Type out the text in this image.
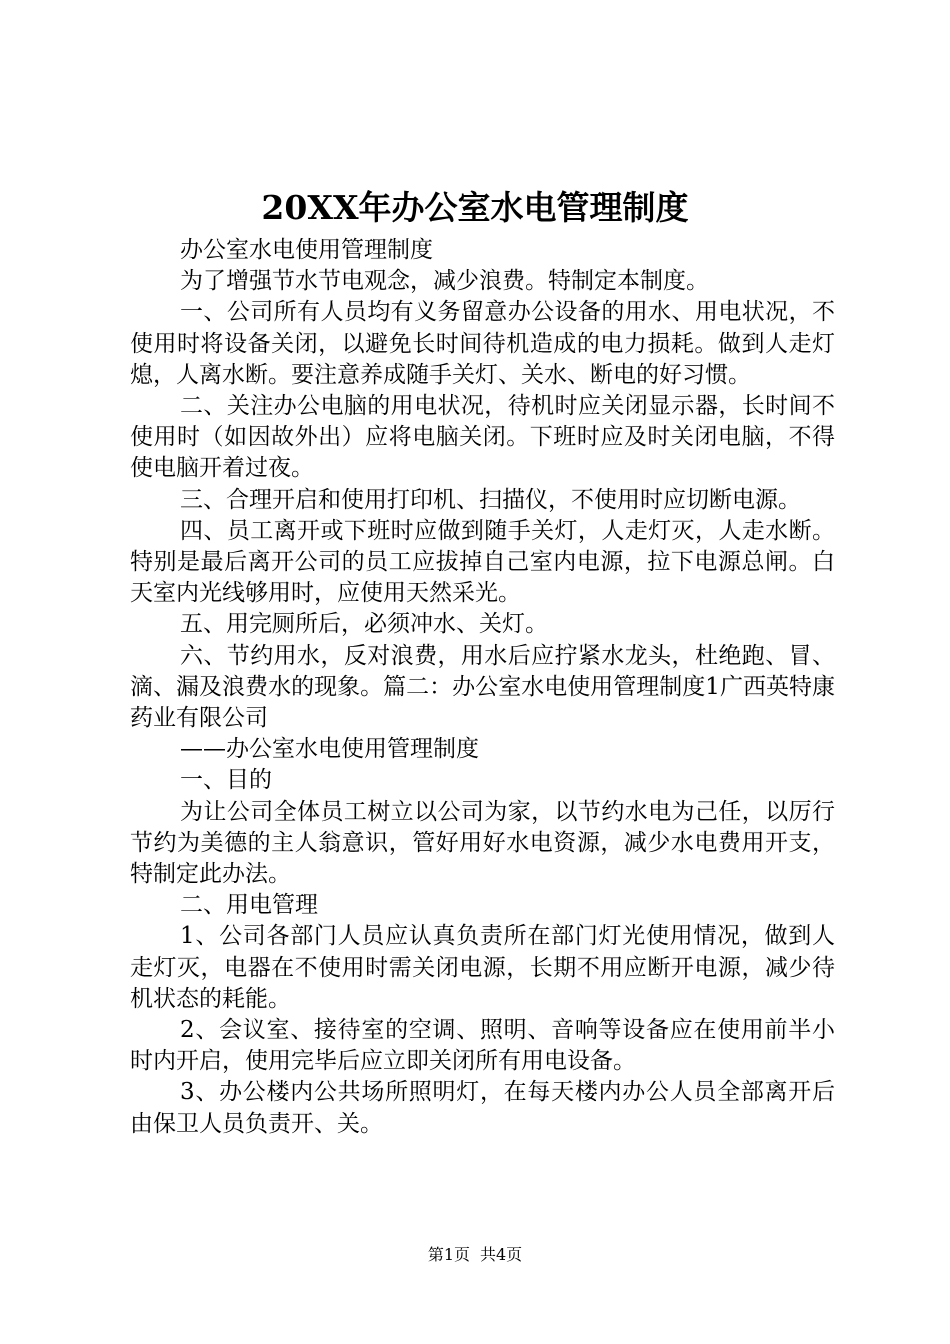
20XX年办公室水电管理制度

办公室水电使用管理制度

为了增强节水节电观念，减少浪费。特制定本制度。

一、公司所有人员均有义务留意办公设备的用水、用电状况，不使用时将设备关闭，以避免长时间待机造成的电力损耗。做到人走灯熄，人离水断。要注意养成随手关灯、关水、断电的好习惯。

二、关注办公电脑的用电状况，待机时应关闭显示器，长时间不使用时（如因故外出）应将电脑关闭。下班时应及时关闭电脑，不得使电脑开着过夜。

三、合理开启和使用打印机、扫描仪，不使用时应切断电源。

四、员工离开或下班时应做到随手关灯，人走灯灭，人走水断。特别是最后离开公司的员工应拔掉自己室内电源，拉下电源总闸。白天室内光线够用时，应使用天然采光。

五、用完厕所后，必须冲水、关灯。

六、节约用水，反对浪费，用水后应拧紧水龙头，杜绝跑、冒、滴、漏及浪费水的现象。篇二：办公室水电使用管理制度1广西英特康药业有限公司

——办公室水电使用管理制度

一、目的

为让公司全体员工树立以公司为家，以节约水电为己任，以厉行节约为美德的主人翁意识，管好用好水电资源，减少水电费用开支，特制定此办法。

二、用电管理

1、公司各部门人员应认真负责所在部门灯光使用情况，做到人走灯灭，电器在不使用时需关闭电源，长期不用应断开电源，减少待机状态的耗能。

2、会议室、接待室的空调、照明、音响等设备应在使用前半小时内开启，使用完毕后应立即关闭所有用电设备。

3、办公楼内公共场所照明灯，在每天楼内办公人员全部离开后由保卫人员负责开、关。

第1页 共4页
